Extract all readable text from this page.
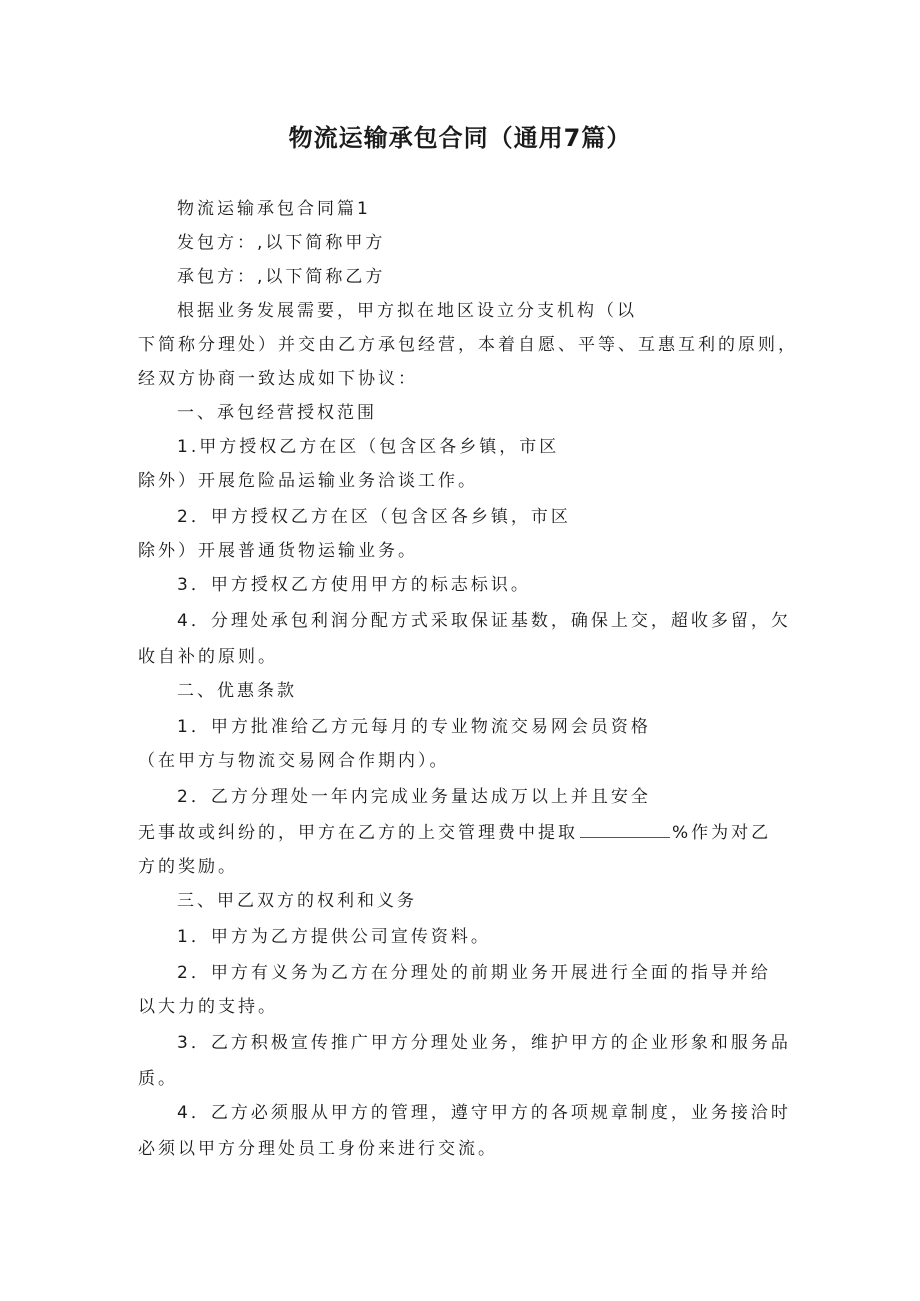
物流运输承包合同（通用7篇）
物流运输承包合同篇1
发包方：,以下简称甲方
承包方：,以下简称乙方
根据业务发展需要，甲方拟在地区设立分支机构（以
下简称分理处）并交由乙方承包经营，本着自愿、平等、互惠互利的原则，
经双方协商一致达成如下协议：
一、承包经营授权范围
1.甲方授权乙方在区（包含区各乡镇，市区
除外）开展危险品运输业务洽谈工作。
2．甲方授权乙方在区（包含区各乡镇，市区
除外）开展普通货物运输业务。
3．甲方授权乙方使用甲方的标志标识。
4．分理处承包利润分配方式采取保证基数，确保上交，超收多留，欠
收自补的原则。
二、优惠条款
1．甲方批准给乙方元每月的专业物流交易网会员资格
（在甲方与物流交易网合作期内）。
2．乙方分理处一年内完成业务量达成万以上并且安全
无事故或纠纷的，甲方在乙方的上交管理费中提取	%作为对乙
方的奖励。
三、甲乙双方的权利和义务
1．甲方为乙方提供公司宣传资料。
2．甲方有义务为乙方在分理处的前期业务开展进行全面的指导并给
以大力的支持。
3．乙方积极宣传推广甲方分理处业务，维护甲方的企业形象和服务品
质。
4．乙方必须服从甲方的管理，遵守甲方的各项规章制度，业务接洽时
必须以甲方分理处员工身份来进行交流。
